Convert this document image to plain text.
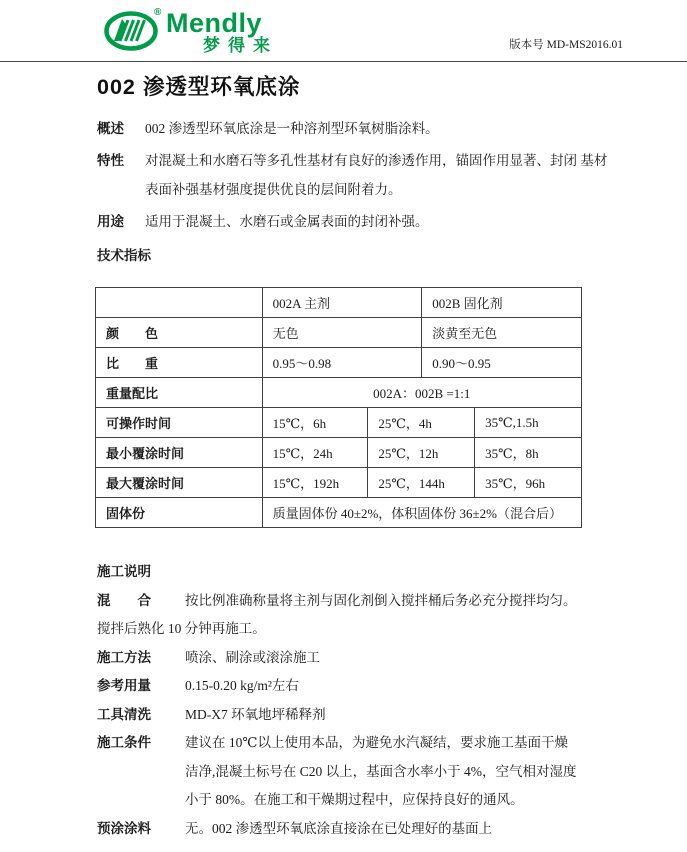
® Mendly
梦得来	版本号 MD-MS2016.01
002 渗透型环氧底涂
概述	002 渗透型环氧底涂是一种溶剂型环氧树脂涂料。
特性	对混凝土和水磨石等多孔性基材有良好的渗透作用，锚固作用显著、封闭 基材表面补强基材强度提供优良的层间附着力。
用途	适用于混凝土、水磨石或金属表面的封闭补强。
技术指标
	002A 主剂		002B 固化剂	
颜　　色	无色		淡黄至无色	
比　　重	0.95～0.98		0.90～0.95	
重量配比	002A：002B =1:1			
可操作时间	15℃，6h	25℃，4h		35℃,1.5h
最小覆涂时间	15℃，24h	25℃，12h		35℃，8h
最大覆涂时间	15℃，192h	25℃，144h		35℃，96h
固体份	质量固体份 40±2%，体积固体份 36±2%（混合后）			
施工说明
混　　合	按比例准确称量将主剂与固化剂倒入搅拌桶后务必充分搅拌均匀。
搅拌后熟化 10 分钟再施工。
施工方法	喷涂、刷涂或滚涂施工
参考用量	0.15-0.20 kg/m²左右
工具清洗	MD-X7 环氧地坪稀释剂
施工条件	建议在 10℃以上使用本品，为避免水汽凝结，要求施工基面干燥
洁净,混凝土标号在 C20 以上，基面含水率小于 4%，空气相对湿度
小于 80%。在施工和干燥期过程中，应保持良好的通风。
预涂涂料	无。002 渗透型环氧底涂直接涂在已处理好的基面上
